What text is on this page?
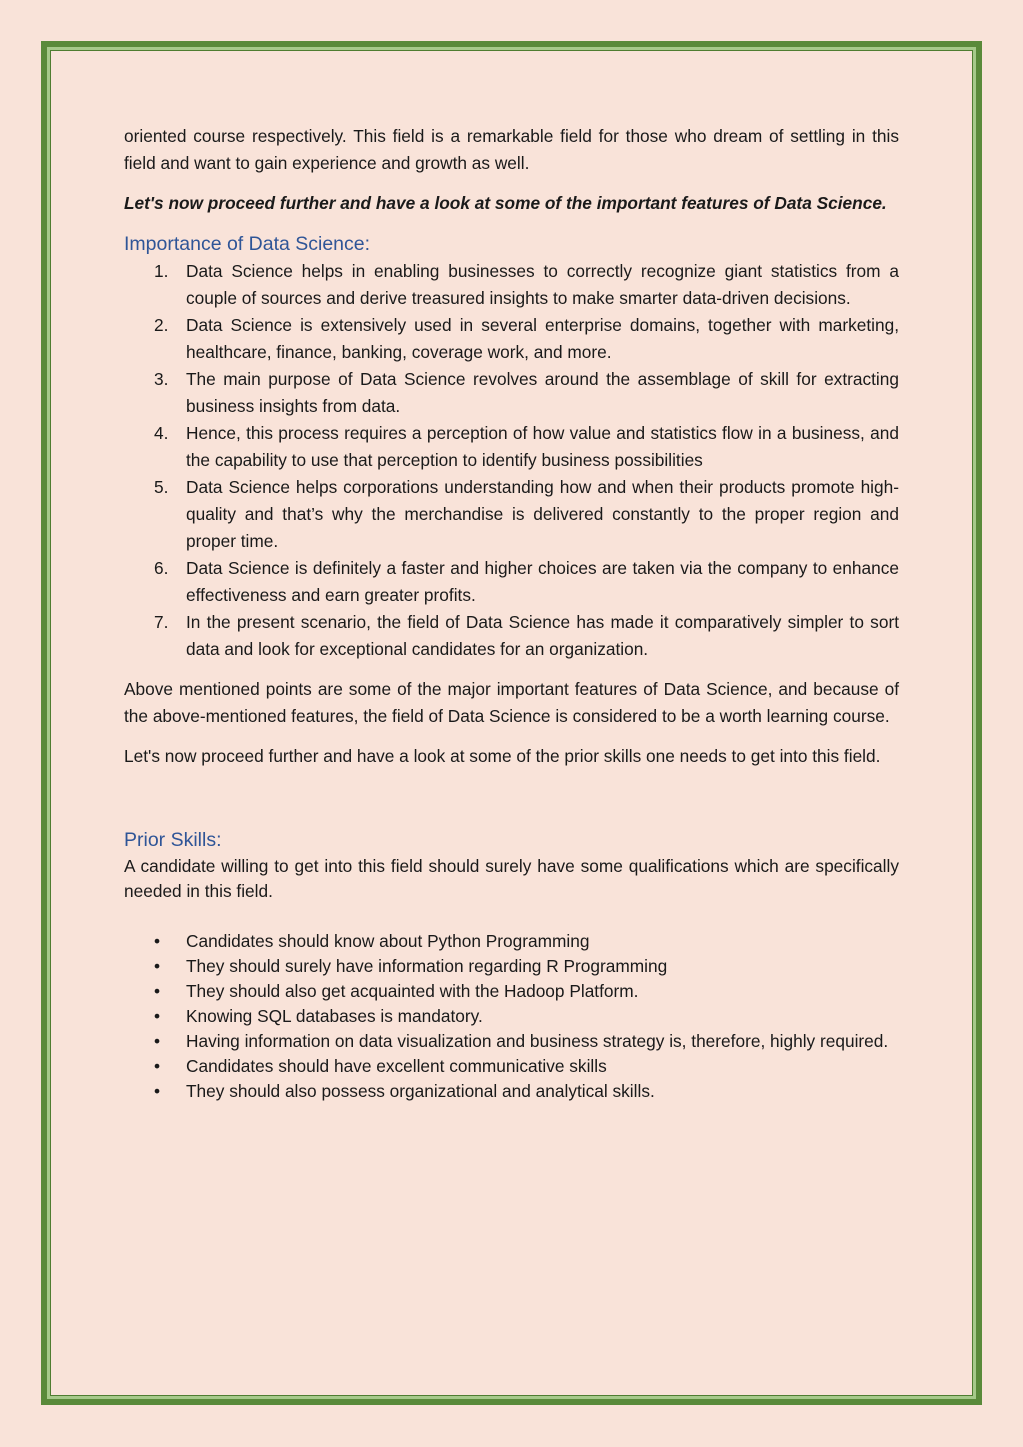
oriented course respectively. This field is a remarkable field for those who dream of settling in this field and want to gain experience and growth as well.

Let's now proceed further and have a look at some of the important features of Data Science.

Importance of Data Science:
1. Data Science helps in enabling businesses to correctly recognize giant statistics from a couple of sources and derive treasured insights to make smarter data-driven decisions.
2. Data Science is extensively used in several enterprise domains, together with marketing, healthcare, finance, banking, coverage work, and more.
3. The main purpose of Data Science revolves around the assemblage of skill for extracting business insights from data.
4. Hence, this process requires a perception of how value and statistics flow in a business, and the capability to use that perception to identify business possibilities
5. Data Science helps corporations understanding how and when their products promote high-quality and that’s why the merchandise is delivered constantly to the proper region and proper time.
6. Data Science is definitely a faster and higher choices are taken via the company to enhance effectiveness and earn greater profits.
7. In the present scenario, the field of Data Science has made it comparatively simpler to sort data and look for exceptional candidates for an organization.

Above mentioned points are some of the major important features of Data Science, and because of the above-mentioned features, the field of Data Science is considered to be a worth learning course.

Let's now proceed further and have a look at some of the prior skills one needs to get into this field.

Prior Skills:

A candidate willing to get into this field should surely have some qualifications which are specifically needed in this field.

• Candidates should know about Python Programming
• They should surely have information regarding R Programming
• They should also get acquainted with the Hadoop Platform.
• Knowing SQL databases is mandatory.
• Having information on data visualization and business strategy is, therefore, highly required.
• Candidates should have excellent communicative skills
• They should also possess organizational and analytical skills.
